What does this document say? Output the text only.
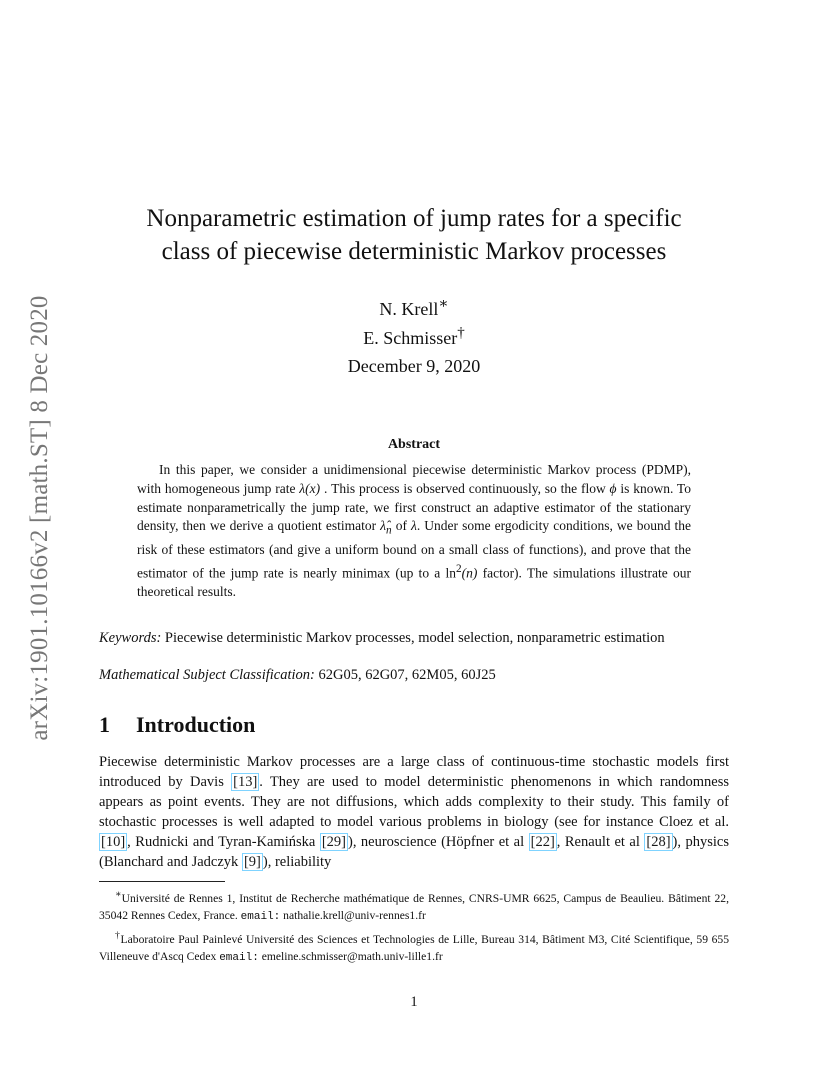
arXiv:1901.10166v2 [math.ST] 8 Dec 2020
Nonparametric estimation of jump rates for a specific
class of piecewise deterministic Markov processes
N. Krell∗
E. Schmisser†
December 9, 2020
Abstract
In this paper, we consider a unidimensional piecewise deterministic Markov process (PDMP), with homogeneous jump rate λ(x) . This process is observed continuously, so the flow ϕ is known. To estimate nonparametrically the jump rate, we first construct an adaptive estimator of the stationary density, then we derive a quotient estimator $\lambdâ_n$ of λ. Under some ergodicity conditions, we bound the risk of these estimators (and give a uniform bound on a small class of functions), and prove that the estimator of the jump rate is nearly minimax (up to a $\ln^2(n)$ factor). The simulations illustrate our theoretical results.
Keywords: Piecewise deterministic Markov processes, model selection, nonparametric estimation
Mathematical Subject Classification: 62G05, 62G07, 62M05, 60J25
1 Introduction
Piecewise deterministic Markov processes are a large class of continuous-time stochastic models first introduced by Davis [13] . They are used to model deterministic phenomenons in which randomness appears as point events. They are not diffusions, which adds complexity to their study. This family of stochastic processes is well adapted to model various problems in biology (see for instance Cloez et al. [10] , Rudnicki and Tyran-Kamińska [29] ), neuroscience (Höpfner et al [22] , Renault et al [28] ), physics (Blanchard and Jadczyk [9] ), reliability

∗Université de Rennes 1, Institut de Recherche mathématique de Rennes, CNRS-UMR 6625, Campus de Beaulieu. Bâtiment 22, 35042 Rennes Cedex, France. email: nathalie.krell@univ-rennes1.fr

†Laboratoire Paul Painlevé Université des Sciences et Technologies de Lille, Bureau 314, Bâtiment M3, Cité Scientifique, 59 655 Villeneuve d'Ascq Cedex email: emeline.schmisser@math.univ-lille1.fr

1
